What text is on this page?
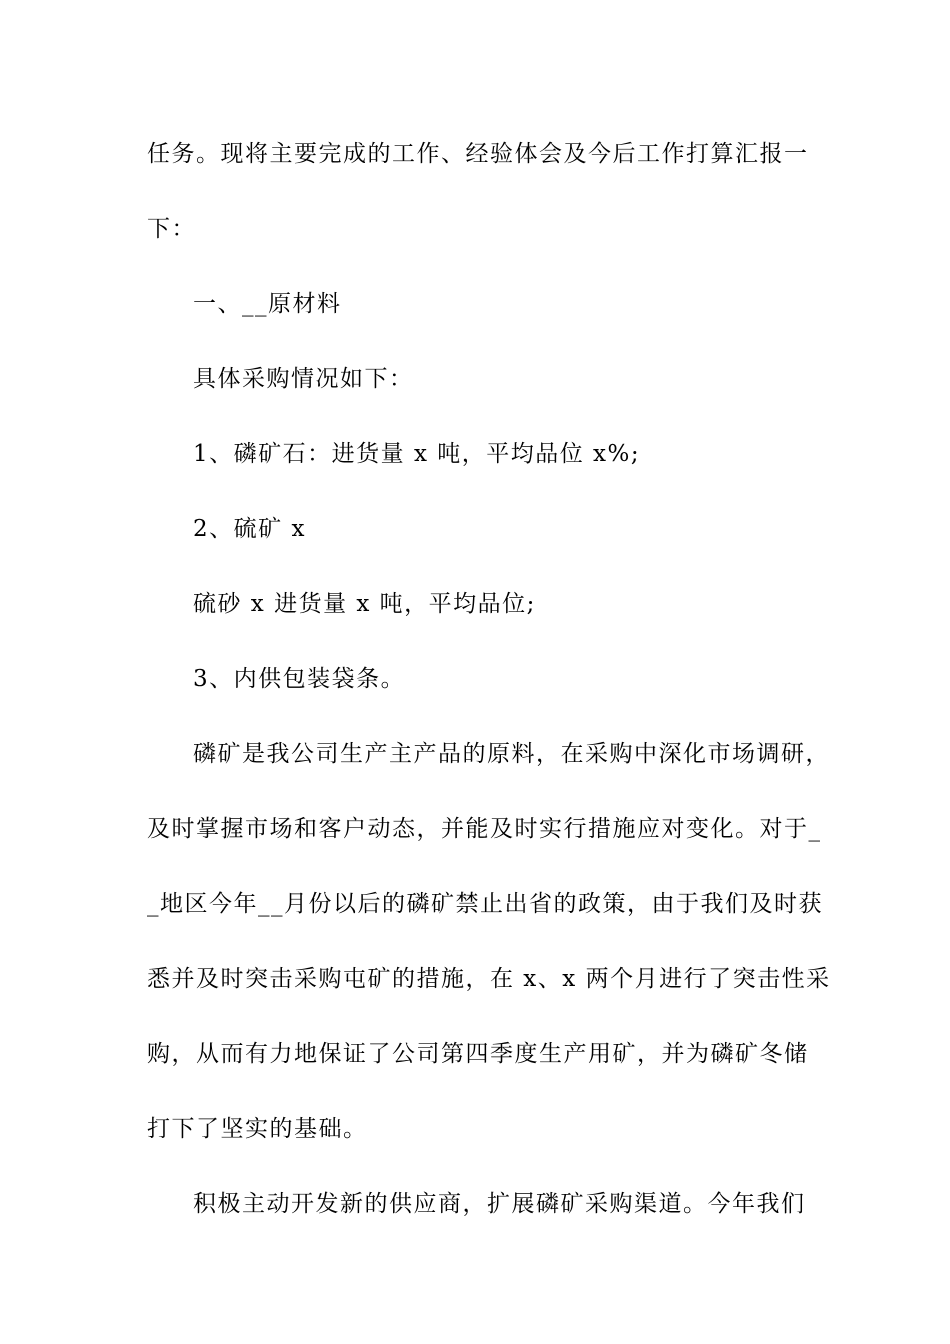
任务。现将主要完成的工作、经验体会及今后工作打算汇报一
下：
一、__原材料
具体采购情况如下：
1、磷矿石：进货量 x 吨，平均品位 x%;
2、硫矿 x
硫砂 x 进货量 x 吨，平均品位;
3、内供包装袋条。
磷矿是我公司生产主产品的原料，在采购中深化市场调研，
及时掌握市场和客户动态，并能及时实行措施应对变化。对于_
_地区今年__月份以后的磷矿禁止出省的政策，由于我们及时获
悉并及时突击采购屯矿的措施，在 x、x 两个月进行了突击性采
购，从而有力地保证了公司第四季度生产用矿，并为磷矿冬储
打下了坚实的基础。
积极主动开发新的供应商，扩展磷矿采购渠道。今年我们
